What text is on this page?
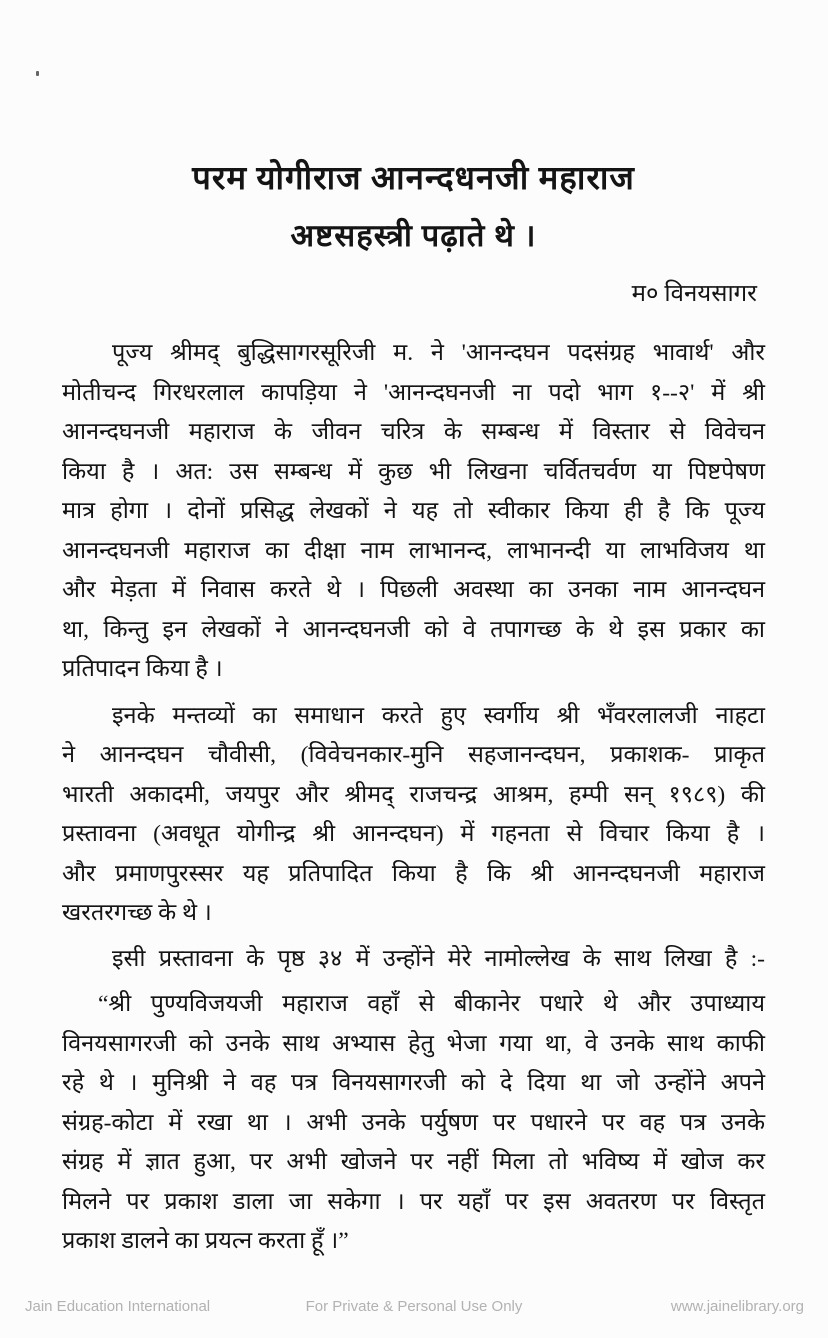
परम योगीराज आनन्दधनजी महाराज
अष्टसहस्त्री पढ़ाते थे ।
म० विनयसागर
पूज्य श्रीमद् बुद्धिसागरसूरिजी म. ने 'आनन्दघन पदसंग्रह भावार्थ' और
मोतीचन्द गिरधरलाल कापड़िया ने 'आनन्दघनजी ना पदो भाग १--२' में श्री
आनन्दघनजी महाराज के जीवन चरित्र के सम्बन्ध में विस्तार से विवेचन
किया है । अत: उस सम्बन्ध में कुछ भी लिखना चर्वितचर्वण या पिष्टपेषण
मात्र होगा । दोनों प्रसिद्ध लेखकों ने यह तो स्वीकार किया ही है कि पूज्य
आनन्दघनजी महाराज का दीक्षा नाम लाभानन्द, लाभानन्दी या लाभविजय था
और मेड़ता में निवास करते थे । पिछली अवस्था का उनका नाम आनन्दघन
था, किन्तु इन लेखकों ने आनन्दघनजी को वे तपागच्छ के थे इस प्रकार का
प्रतिपादन किया है ।
इनके मन्तव्यों का समाधान करते हुए स्वर्गीय श्री भँवरलालजी नाहटा
ने आनन्दघन चौवीसी, (विवेचनकार-मुनि सहजानन्दघन, प्रकाशक- प्राकृत
भारती अकादमी, जयपुर और श्रीमद् राजचन्द्र आश्रम, हम्पी सन् १९८९) की
प्रस्तावना (अवधूत योगीन्द्र श्री आनन्दघन) में गहनता से विचार किया है ।
और प्रमाणपुरस्सर यह प्रतिपादित किया है कि श्री आनन्दघनजी महाराज
खरतरगच्छ के थे ।
इसी प्रस्तावना के पृष्ठ ३४ में उन्होंने मेरे नामोल्लेख के साथ लिखा है :-
“श्री पुण्यविजयजी महाराज वहाँ से बीकानेर पधारे थे और उपाध्याय
विनयसागरजी को उनके साथ अभ्यास हेतु भेजा गया था, वे उनके साथ काफी
रहे थे । मुनिश्री ने वह पत्र विनयसागरजी को दे दिया था जो उन्होंने अपने
संग्रह-कोटा में रखा था । अभी उनके पर्युषण पर पधारने पर वह पत्र उनके
संग्रह में ज्ञात हुआ, पर अभी खोजने पर नहीं मिला तो भविष्य में खोज कर
मिलने पर प्रकाश डाला जा सकेगा । पर यहाँ पर इस अवतरण पर विस्तृत
प्रकाश डालने का प्रयत्न करता हूँ ।”
Jain Education International	For Private & Personal Use Only	www.jainelibrary.org
